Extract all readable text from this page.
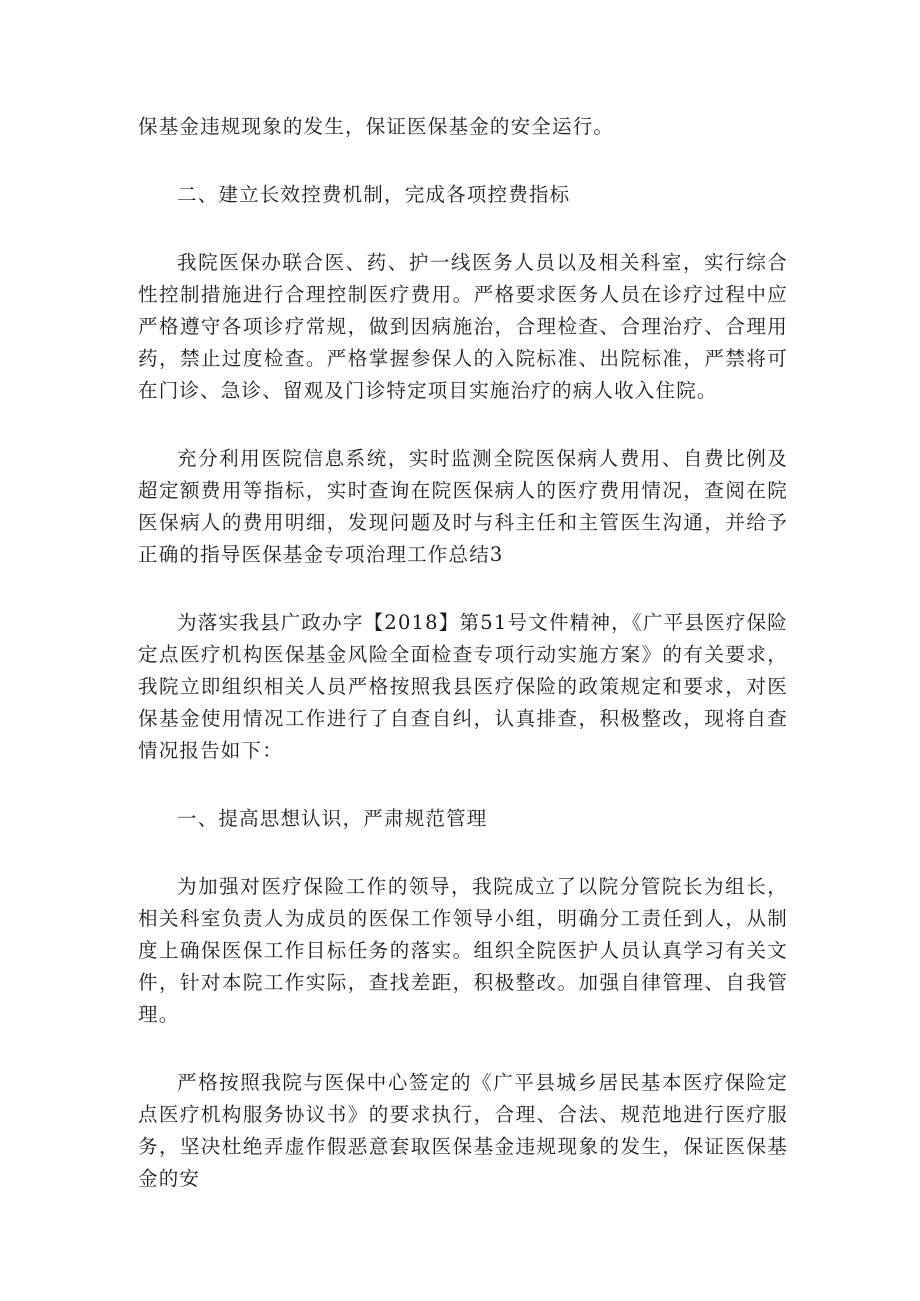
保基金违规现象的发生，保证医保基金的安全运行。

二、建立长效控费机制，完成各项控费指标

我院医保办联合医、药、护一线医务人员以及相关科室，实行综合性控制措施进行合理控制医疗费用。严格要求医务人员在诊疗过程中应严格遵守各项诊疗常规，做到因病施治，合理检查、合理治疗、合理用药，禁止过度检查。严格掌握参保人的入院标准、出院标准，严禁将可在门诊、急诊、留观及门诊特定项目实施治疗的病人收入住院。

充分利用医院信息系统，实时监测全院医保病人费用、自费比例及超定额费用等指标，实时查询在院医保病人的医疗费用情况，查阅在院医保病人的费用明细，发现问题及时与科主任和主管医生沟通，并给予正确的指导医保基金专项治理工作总结3

为落实我县广政办字【2018】第51号文件精神，《广平县医疗保险定点医疗机构医保基金风险全面检查专项行动实施方案》的有关要求，我院立即组织相关人员严格按照我县医疗保险的政策规定和要求，对医保基金使用情况工作进行了自查自纠，认真排查，积极整改，现将自查情况报告如下：

一、提高思想认识，严肃规范管理

为加强对医疗保险工作的领导，我院成立了以院分管院长为组长，相关科室负责人为成员的医保工作领导小组，明确分工责任到人，从制度上确保医保工作目标任务的落实。组织全院医护人员认真学习有关文件，针对本院工作实际，查找差距，积极整改。加强自律管理、自我管理。

严格按照我院与医保中心签定的《广平县城乡居民基本医疗保险定点医疗机构服务协议书》的要求执行，合理、合法、规范地进行医疗服务，坚决杜绝弄虚作假恶意套取医保基金违规现象的发生，保证医保基金的安
